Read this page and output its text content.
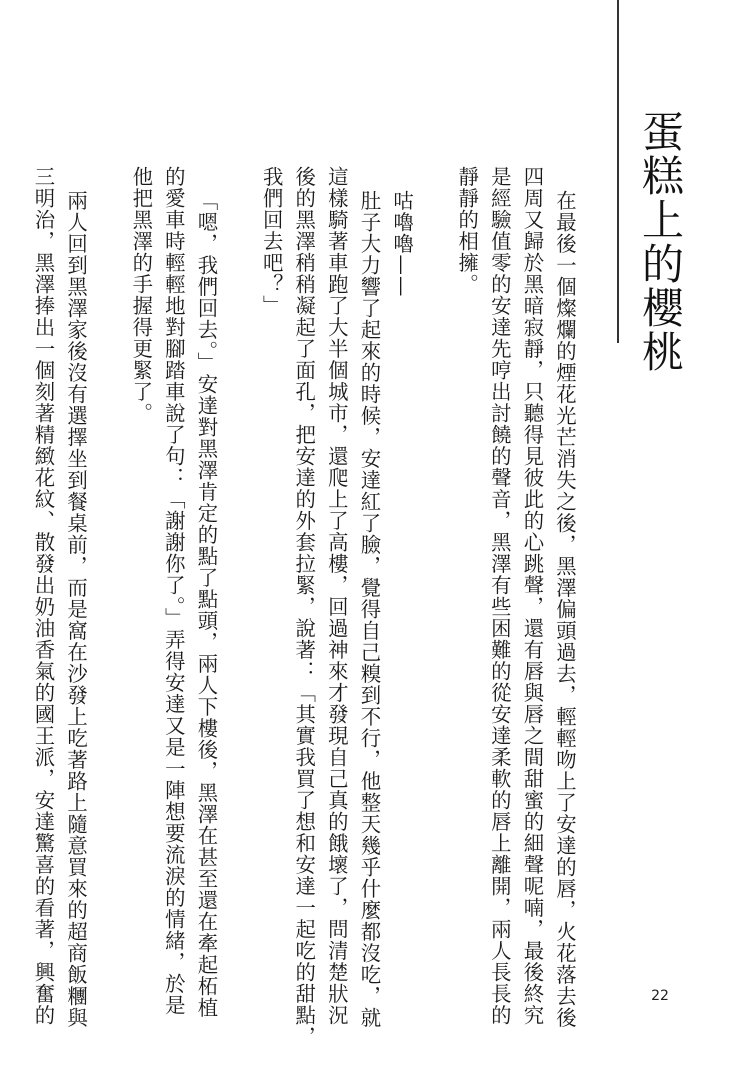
蛋糕上的櫻桃

在最後一個燦爛的煙花光芒消失之後，黑澤偏頭過去，輕輕吻上了安達的唇，火花落去後

四周又歸於黑暗寂靜，只聽得見彼此的心跳聲，還有唇與唇之間甜蜜的細聲呢喃，最後終究

是經驗值零的安達先哼出討饒的聲音，黑澤有些困難的從安達柔軟的唇上離開，兩人長長的

靜靜的相擁。

咕嚕嚕——

肚子大力響了起來的時候，安達紅了臉，覺得自己糗到不行，他整天幾乎什麼都沒吃，就

這樣騎著車跑了大半個城市，還爬上了高樓，回過神來才發現自己真的餓壞了，問清楚狀況

後的黑澤稍稍凝起了面孔，把安達的外套拉緊，說著：「其實我買了想和安達一起吃的甜點，

我們回去吧？」

「嗯，我們回去。」安達對黑澤肯定的點了點頭，兩人下樓後，黑澤在甚至還在牽起柘植

的愛車時輕輕地對腳踏車說了句：「謝謝你了。」弄得安達又是一陣想要流淚的情緒，於是

他把黑澤的手握得更緊了。

兩人回到黑澤家後沒有選擇坐到餐桌前，而是窩在沙發上吃著路上隨意買來的超商飯糰與

三明治，黑澤捧出一個刻著精緻花紋、散發出奶油香氣的國王派，安達驚喜的看著，興奮的	22
